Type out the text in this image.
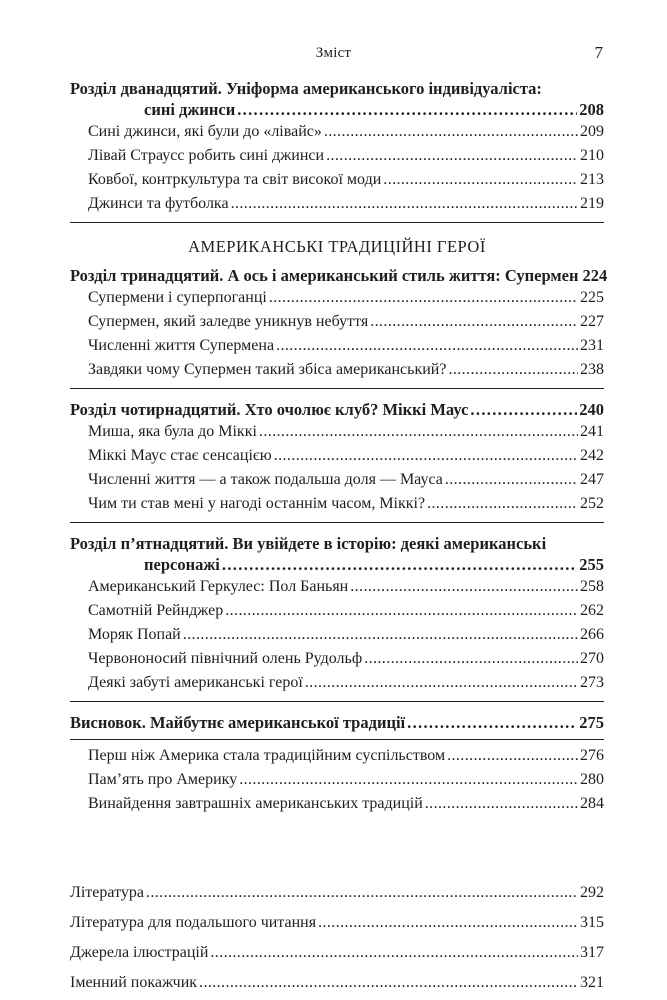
Зміст	7
Розділ дванадцятий. Уніформа американського індивідуаліста:
сині джинси . . .	208
Сині джинси, які були до «лівайс» . . .	209
Лівай Страусс робить сині джинси . . .	210
Ковбої, контркультура та світ високої моди . . .	213
Джинси та футболка . . .	219
АМЕРИКАНСЬКІ ТРАДИЦІЙНІ ГЕРОЇ
Розділ тринадцятий. А ось і американський стиль життя: Супермен 224
Супермени і суперпоганці . . .	225
Супермен, який заледве уникнув небуття . . .	227
Численні життя Супермена . . .	231
Завдяки чому Супермен такий збіса американський? . . .	238
Розділ чотирнадцятий. Хто очолює клуб? Міккі Маус . . .	240
Миша, яка була до Міккі . . .	241
Міккі Маус стає сенсацією . . .	242
Численні життя — а також подальша доля — Мауса . . .	247
Чим ти став мені у нагоді останнім часом, Міккі? . . .	252
Розділ п’ятнадцятий. Ви увійдете в історію: деякі американські
персонажі . . .	255
Американський Геркулес: Пол Баньян . . .	258
Самотній Рейнджер . . .	262
Моряк Попай . . .	266
Червононосий північний олень Рудольф . . .	270
Деякі забуті американські герої . . .	273
Висновок. Майбутнє американської традиції . . .	275
Перш ніж Америка стала традиційним суспільством . . .	276
Пам’ять про Америку . . .	280
Винайдення завтрашніх американських традицій . . .	284
Література . . .	292
Література для подальшого читання . . .	315
Джерела ілюстрацій . . .	317
Іменний покажчик . . .	321
